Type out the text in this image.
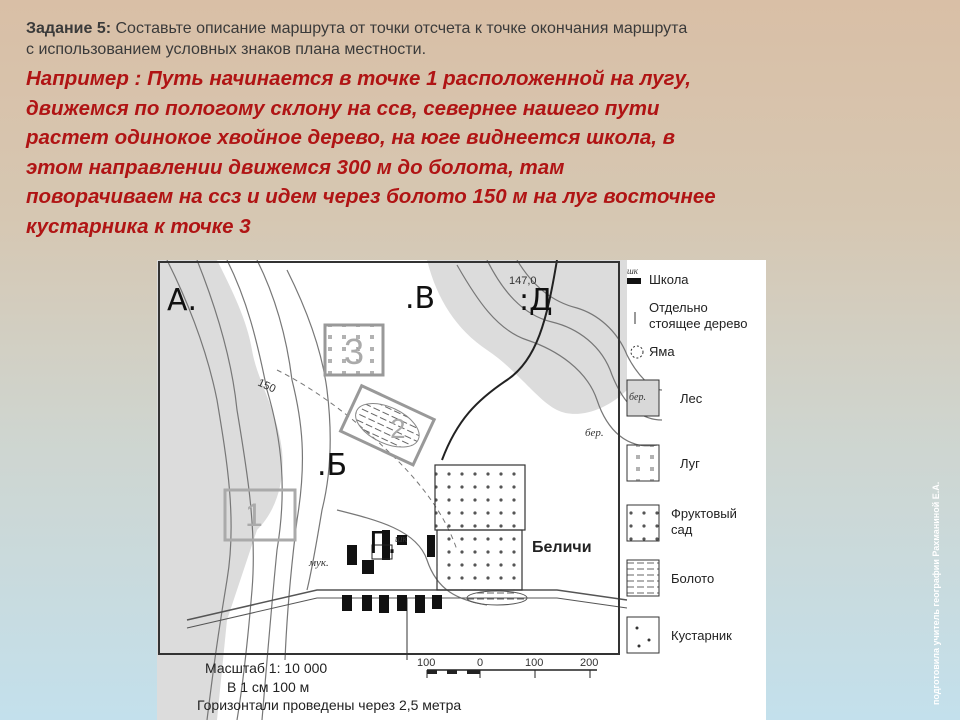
Задание 5: Составьте описание маршрута от точки отсчета к точке окончания маршрута
с использованием условных знаков плана местности.
Например : Путь начинается в точке 1 расположенной на лугу,
движемся по пологому склону на ссв, севернее нашего пути
растет одинокое хвойное дерево, на юге виднеется школа, в
этом направлении движемся 300 м до болота, там
поворачиваем на ссз и идем через болото 150 м на луг восточнее
кустарника к точке 3
3
2
1
147,0
150
Беличи
мук.
шк
бер.
А.	.В	:Д
.Б
Г.
шк
Школа
Отдельно
стоящее дерево
Яма
бер.	Лес
Луг
Фруктовый
сад
Болото
Кустарник
Масштаб 1: 10 000
В 1 см 100 м
Горизонтали проведены через 2,5 метра
100	0	100	200	подготовила учитель географии Рахманиной Е.А.
